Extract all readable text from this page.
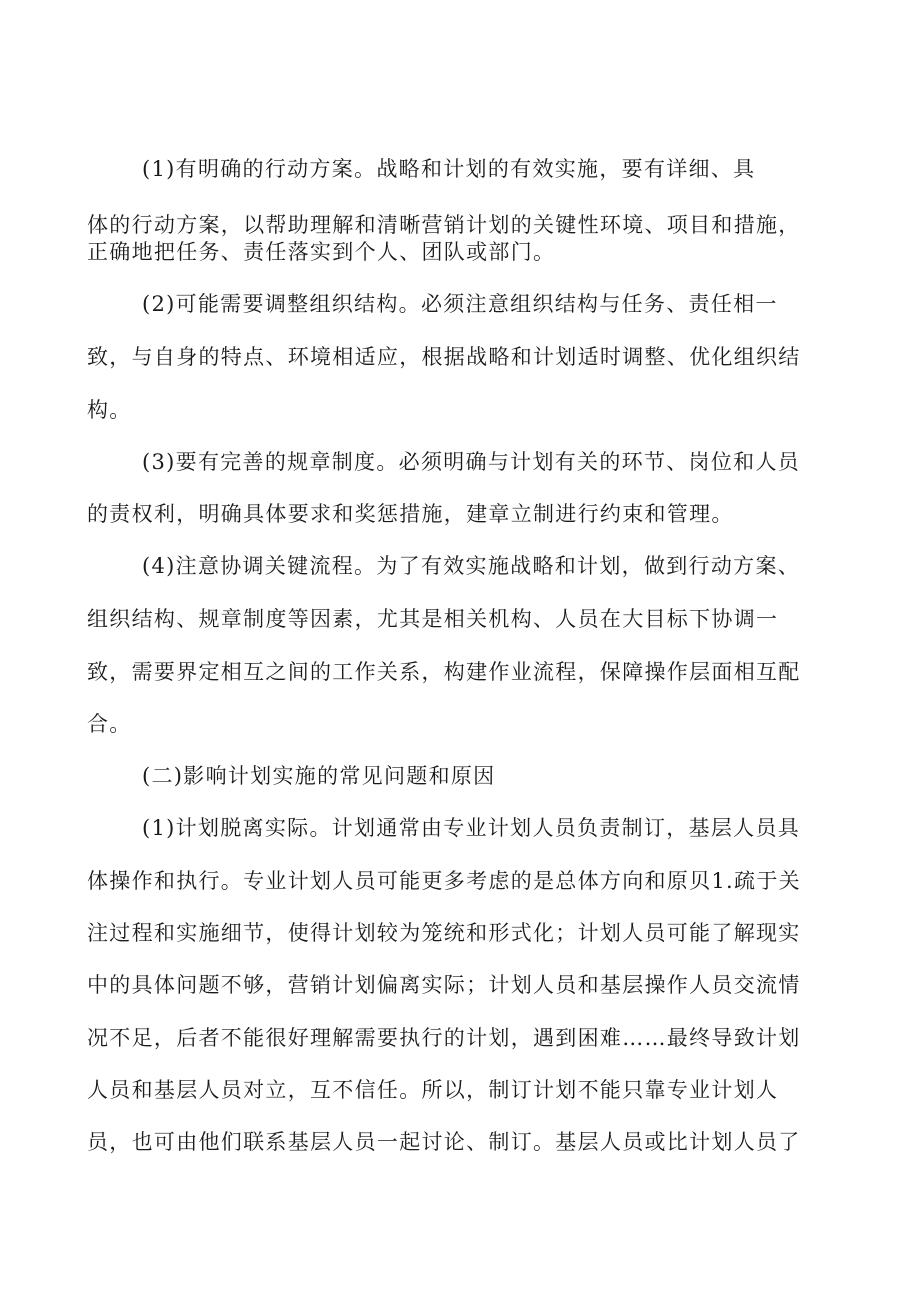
(1)有明确的行动方案。战略和计划的有效实施，要有详细、具
体的行动方案，以帮助理解和清晰营销计划的关键性环境、项目和措施，
正确地把任务、责任落实到个人、团队或部门。
(2)可能需要调整组织结构。必须注意组织结构与任务、责任相一
致，与自身的特点、环境相适应，根据战略和计划适时调整、优化组织结
构。
(3)要有完善的规章制度。必须明确与计划有关的环节、岗位和人员
的责权利，明确具体要求和奖惩措施，建章立制进行约束和管理。
(4)注意协调关键流程。为了有效实施战略和计划，做到行动方案、
组织结构、规章制度等因素，尤其是相关机构、人员在大目标下协调一
致，需要界定相互之间的工作关系，构建作业流程，保障操作层面相互配
合。
(二)影响计划实施的常见问题和原因
(1)计划脱离实际。计划通常由专业计划人员负责制订，基层人员具
体操作和执行。专业计划人员可能更多考虑的是总体方向和原贝1.疏于关
注过程和实施细节，使得计划较为笼统和形式化；计划人员可能了解现实
中的具体问题不够，营销计划偏离实际；计划人员和基层操作人员交流情
况不足，后者不能很好理解需要执行的计划，遇到困难……最终导致计划
人员和基层人员对立，互不信任。所以，制订计划不能只靠专业计划人
员，也可由他们联系基层人员一起讨论、制订。基层人员或比计划人员了
